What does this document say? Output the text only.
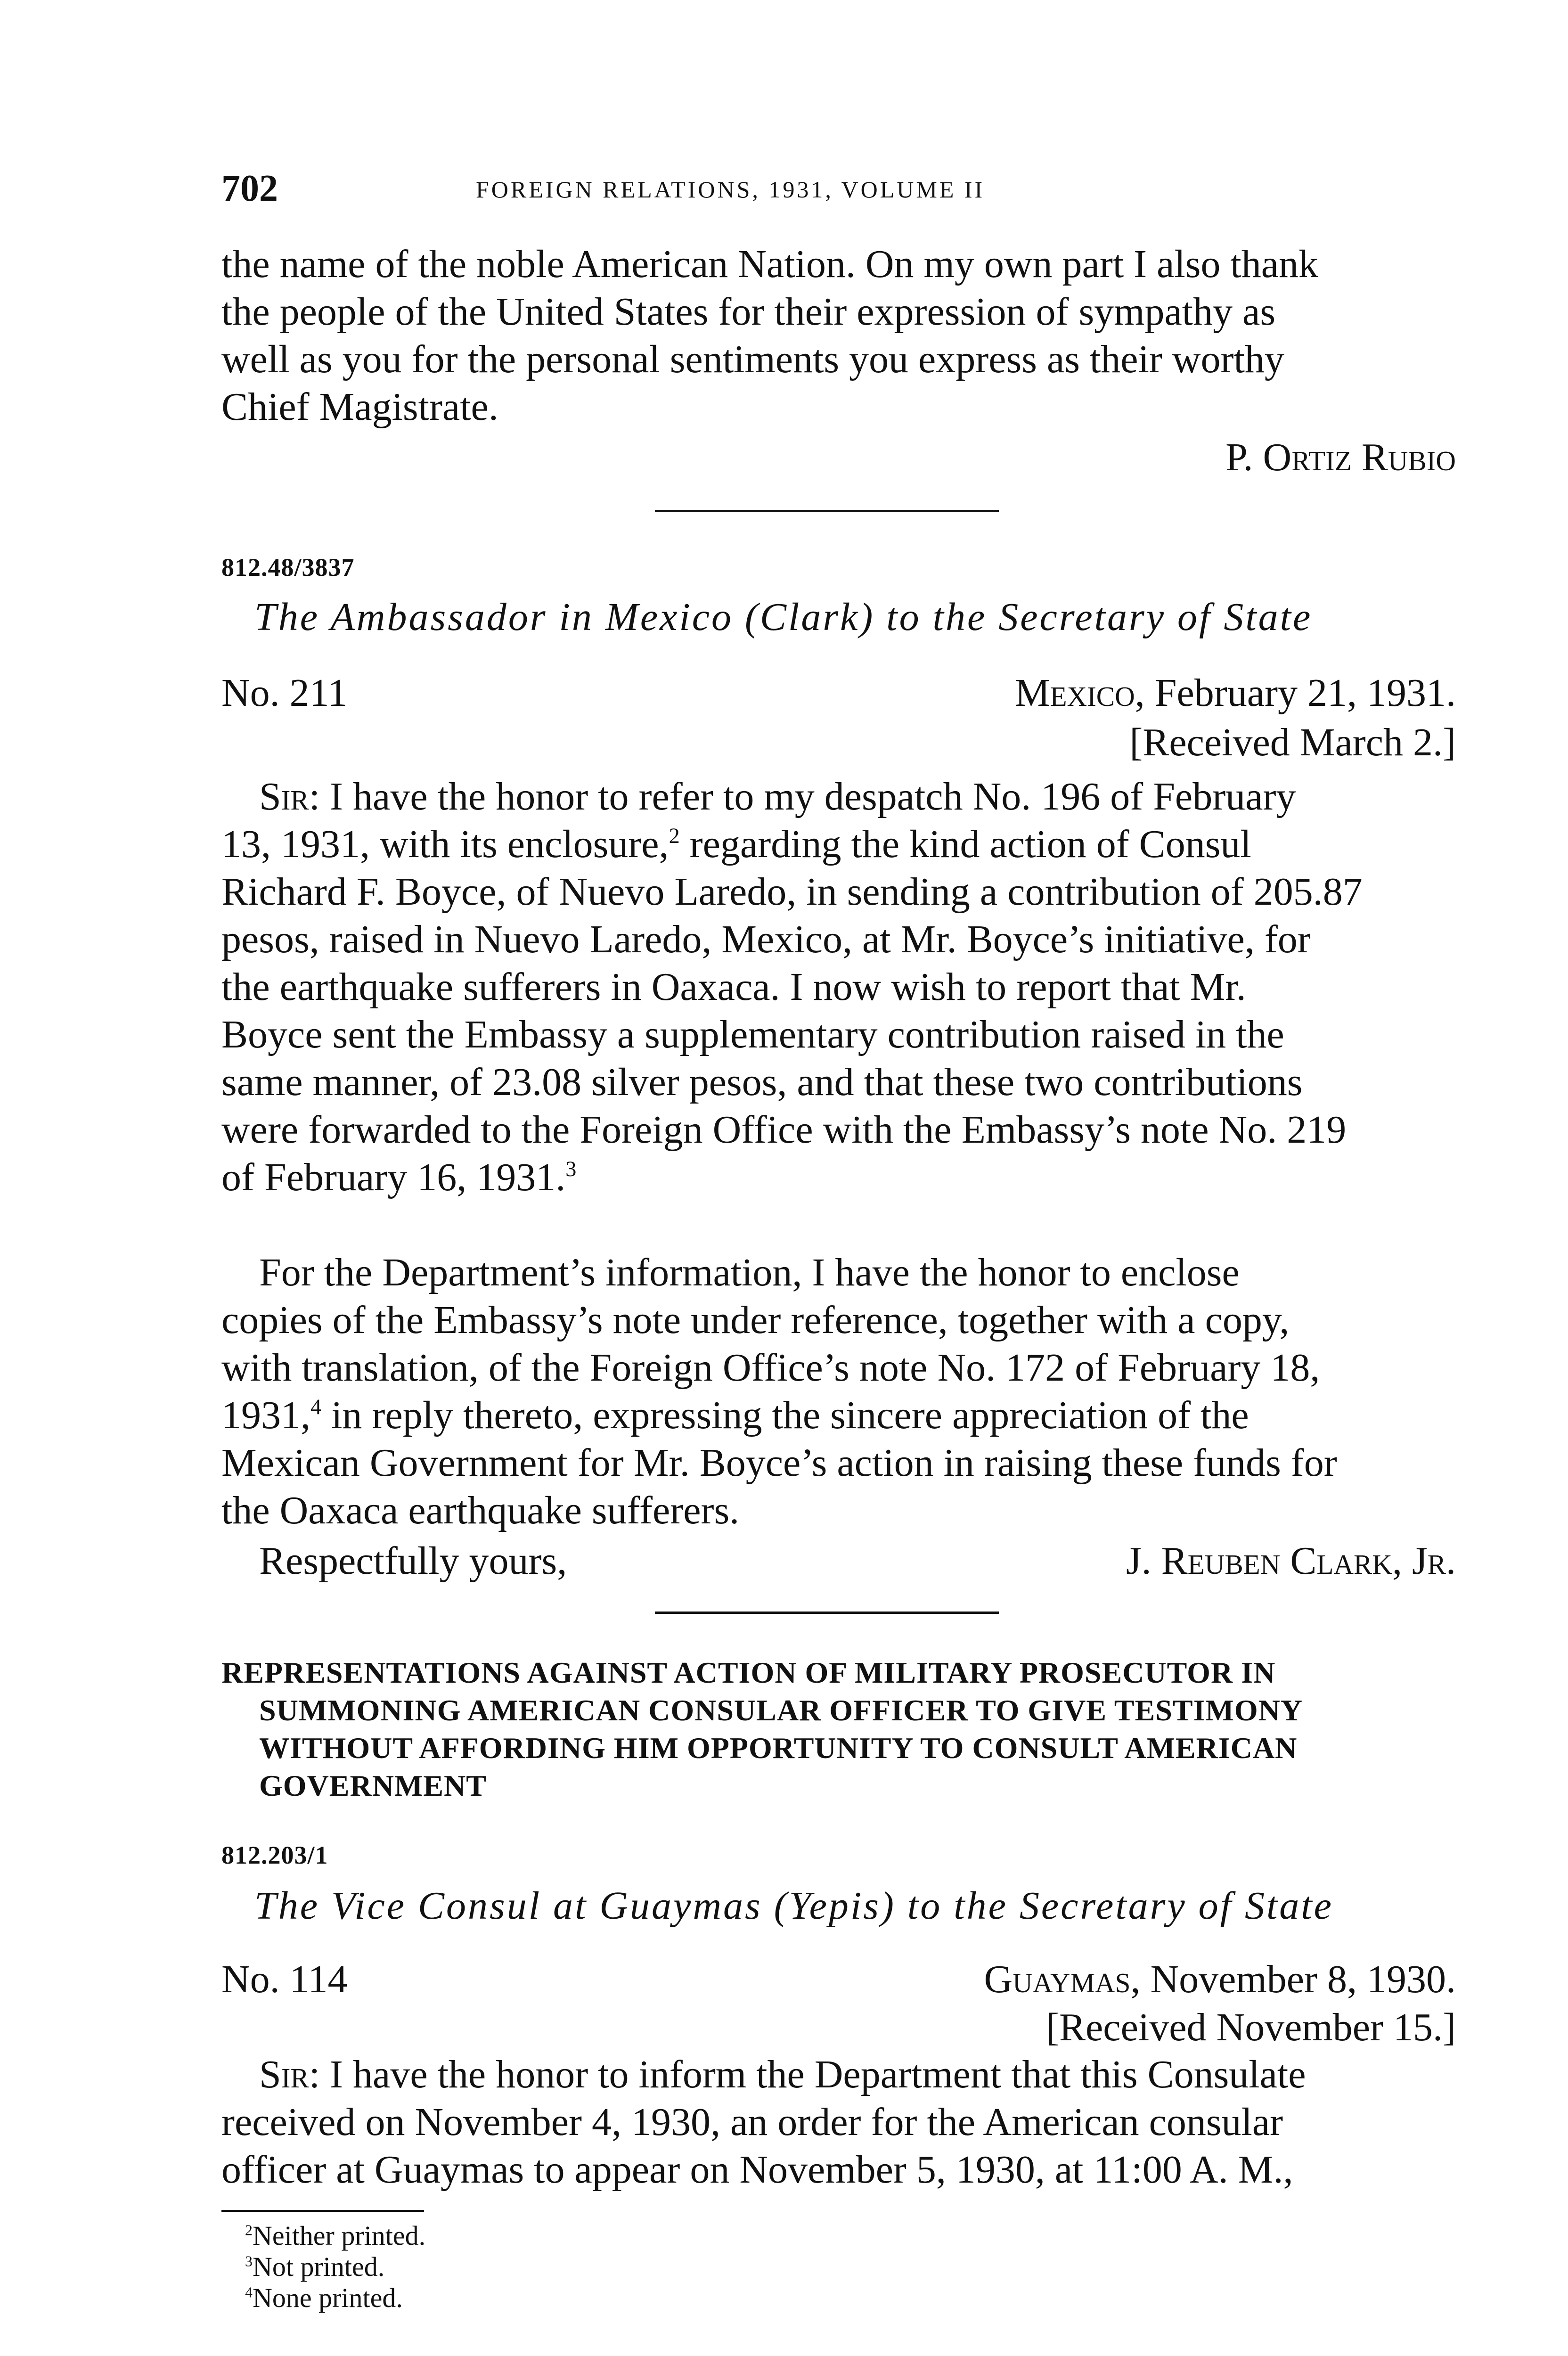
702	FOREIGN RELATIONS, 1931, VOLUME II
the name of the noble American Nation. On my own part I also thank
the people of the United States for their expression of sympathy as
well as you for the personal sentiments you express as their worthy
Chief Magistrate.
P. Ortiz Rubio
812.48/3837
The Ambassador in Mexico (Clark) to the Secretary of State
No. 211	Mexico, February 21, 1931.
[Received March 2.]
Sir: I have the honor to refer to my despatch No. 196 of February
13, 1931, with its enclosure,$^2$ regarding the kind action of Consul
Richard F. Boyce, of Nuevo Laredo, in sending a contribution of 205.87
pesos, raised in Nuevo Laredo, Mexico, at Mr. Boyce’s initiative, for
the earthquake sufferers in Oaxaca. I now wish to report that Mr.
Boyce sent the Embassy a supplementary contribution raised in the
same manner, of 23.08 silver pesos, and that these two contributions
were forwarded to the Foreign Office with the Embassy’s note No. 219
of February 16, 1931.$^3$
For the Department’s information, I have the honor to enclose
copies of the Embassy’s note under reference, together with a copy,
with translation, of the Foreign Office’s note No. 172 of February 18,
1931,$^4$ in reply thereto, expressing the sincere appreciation of the
Mexican Government for Mr. Boyce’s action in raising these funds for
the Oaxaca earthquake sufferers.
Respectfully yours,	J. Reuben Clark, Jr.
REPRESENTATIONS AGAINST ACTION OF MILITARY PROSECUTOR IN
SUMMONING AMERICAN CONSULAR OFFICER TO GIVE TESTIMONY
WITHOUT AFFORDING HIM OPPORTUNITY TO CONSULT AMERICAN
GOVERNMENT
812.203/1
The Vice Consul at Guaymas (Yepis) to the Secretary of State
No. 114	Guaymas, November 8, 1930.
[Received November 15.]
Sir: I have the honor to inform the Department that this Consulate
received on November 4, 1930, an order for the American consular
officer at Guaymas to appear on November 5, 1930, at 11:00 A. M.,
$^2$Neither printed.
$^3$Not printed.
$^4$None printed.
